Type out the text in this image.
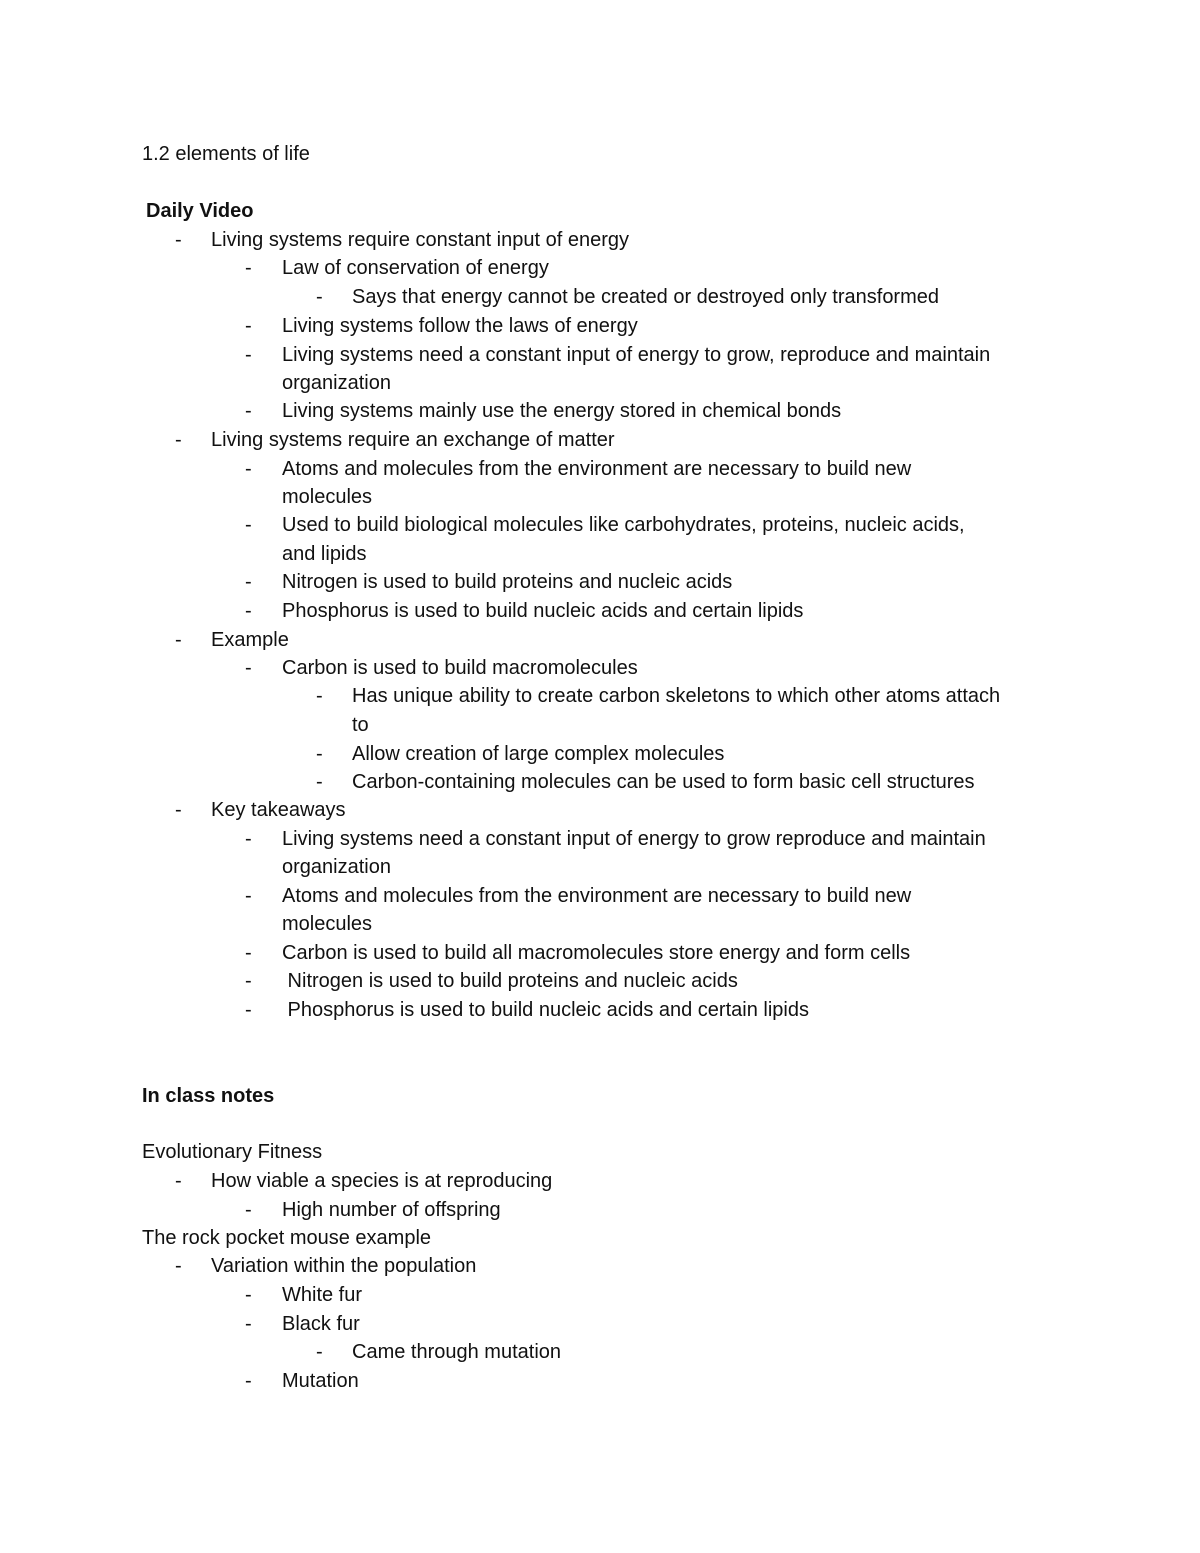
1.2 elements of life
Daily Video
- Living systems require constant input of energy
- Law of conservation of energy
- Says that energy cannot be created or destroyed only transformed
- Living systems follow the laws of energy
- Living systems need a constant input of energy to grow, reproduce and maintain
organization
- Living systems mainly use the energy stored in chemical bonds
- Living systems require an exchange of matter
- Atoms and molecules from the environment are necessary to build new
molecules
- Used to build biological molecules like carbohydrates, proteins, nucleic acids,
and lipids
- Nitrogen is used to build proteins and nucleic acids
- Phosphorus is used to build nucleic acids and certain lipids
- Example
- Carbon is used to build macromolecules
- Has unique ability to create carbon skeletons to which other atoms attach
to
- Allow creation of large complex molecules
- Carbon-containing molecules can be used to form basic cell structures
- Key takeaways
- Living systems need a constant input of energy to grow reproduce and maintain
organization
- Atoms and molecules from the environment are necessary to build new
molecules
- Carbon is used to build all macromolecules store energy and form cells
- Nitrogen is used to build proteins and nucleic acids
- Phosphorus is used to build nucleic acids and certain lipids
In class notes
Evolutionary Fitness
- How viable a species is at reproducing
- High number of offspring
The rock pocket mouse example
- Variation within the population
- White fur
- Black fur
- Came through mutation
- Mutation
